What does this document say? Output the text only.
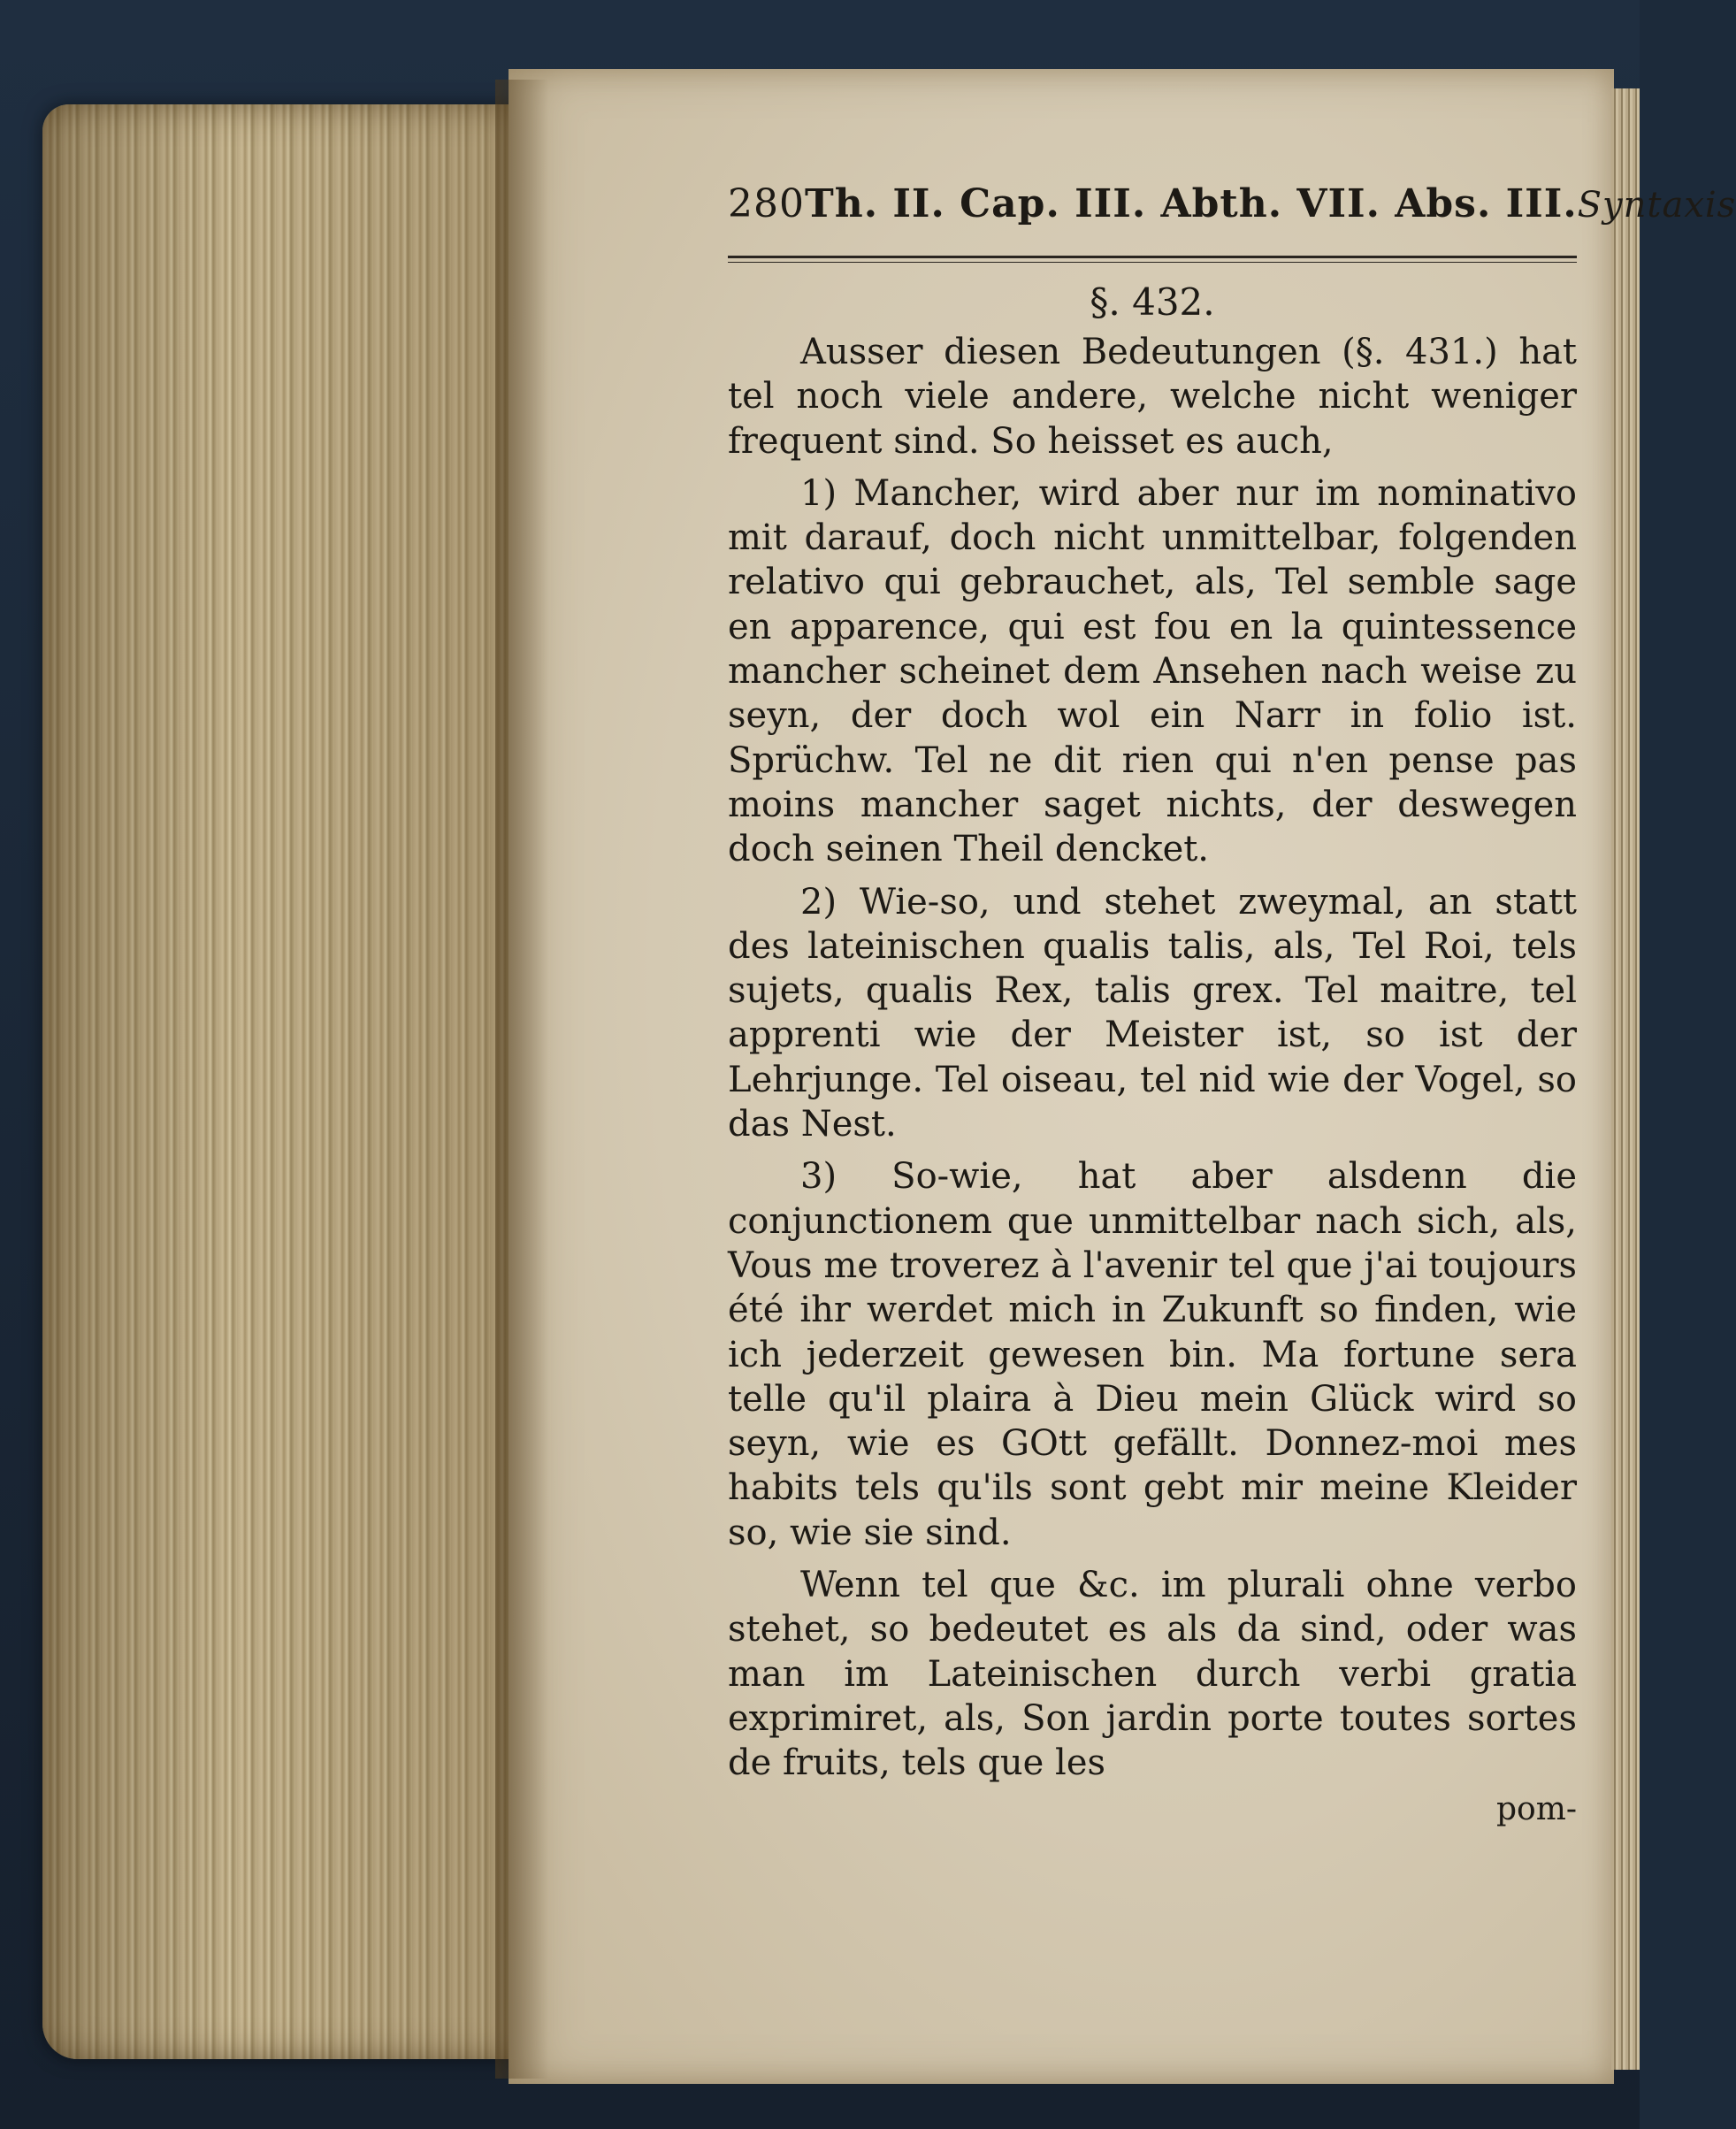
280 Th. II. Cap. III. Abth. VII. Abs. III. Syntaxis
§. 432.

Ausser diesen Bedeutungen (§. 431.) hat tel noch viele andere, welche nicht weniger frequent sind. So heisset es auch,

1) Mancher, wird aber nur im nominativo mit darauf, doch nicht unmittelbar, folgenden relativo qui gebrauchet, als, Tel semble sage en apparence, qui est fou en la quintessence mancher scheinet dem Ansehen nach weise zu seyn, der doch wol ein Narr in folio ist. Sprüchw. Tel ne dit rien qui n'en pense pas moins mancher saget nichts, der deswegen doch seinen Theil dencket.

2) Wie-so, und stehet zweymal, an statt des lateinischen qualis talis, als, Tel Roi, tels sujets, qualis Rex, talis grex. Tel maitre, tel apprenti wie der Meister ist, so ist der Lehrjunge. Tel oiseau, tel nid wie der Vogel, so das Nest.

3) So-wie, hat aber alsdenn die conjunctionem que unmittelbar nach sich, als, Vous me troverez à l'avenir tel que j'ai toujours été ihr werdet mich in Zukunft so finden, wie ich jederzeit gewesen bin. Ma fortune sera telle qu'il plaira à Dieu mein Glück wird so seyn, wie es GOtt gefällt. Donnez-moi mes habits tels qu'ils sont gebt mir meine Kleider so, wie sie sind.

Wenn tel que &c. im plurali ohne verbo stehet, so bedeutet es als da sind, oder was man im Lateinischen durch verbi gratia exprimiret, als, Son jardin porte toutes sortes de fruits, tels que les

pom-
